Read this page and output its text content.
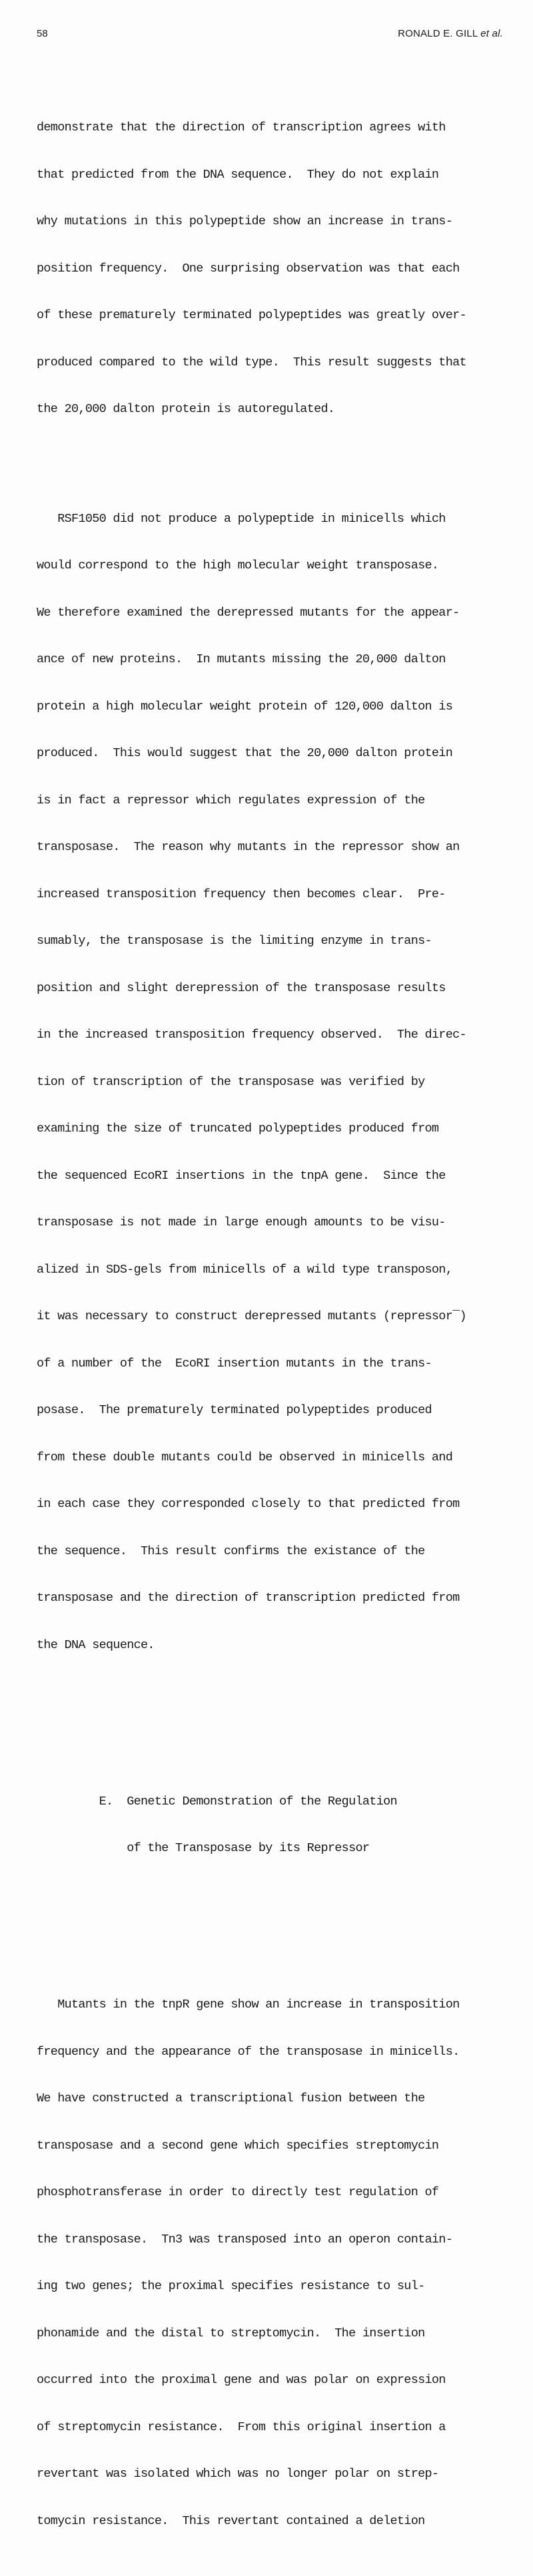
58	RONALD E. GILL et al.

demonstrate that the direction of transcription agrees with

that predicted from the DNA sequence.  They do not explain

why mutations in this polypeptide show an increase in trans-

position frequency.  One surprising observation was that each

of these prematurely terminated polypeptides was greatly over-

produced compared to the wild type.  This result suggests that

the 20,000 dalton protein is autoregulated.

RSF1050 did not produce a polypeptide in minicells which

would correspond to the high molecular weight transposase.

We therefore examined the derepressed mutants for the appear-

ance of new proteins.  In mutants missing the 20,000 dalton

protein a high molecular weight protein of 120,000 dalton is

produced.  This would suggest that the 20,000 dalton protein

is in fact a repressor which regulates expression of the

transposase.  The reason why mutants in the repressor show an

increased transposition frequency then becomes clear.  Pre-

sumably, the transposase is the limiting enzyme in trans-

position and slight derepression of the transposase results

in the increased transposition frequency observed.  The direc-

tion of transcription of the transposase was verified by

examining the size of truncated polypeptides produced from

the sequenced EcoRI insertions in the tnpA gene.  Since the

transposase is not made in large enough amounts to be visu-

alized in SDS-gels from minicells of a wild type transposon,

it was necessary to construct derepressed mutants (repressor‾)

of a number of the  EcoRI insertion mutants in the trans-

posase.  The prematurely terminated polypeptides produced

from these double mutants could be observed in minicells and

in each case they corresponded closely to that predicted from

the sequence.  This result confirms the existance of the

transposase and the direction of transcription predicted from

the DNA sequence.

E.  Genetic Demonstration of the Regulation

of the Transposase by its Repressor

Mutants in the tnpR gene show an increase in transposition

frequency and the appearance of the transposase in minicells.

We have constructed a transcriptional fusion between the

transposase and a second gene which specifies streptomycin

phosphotransferase in order to directly test regulation of

the transposase.  Tn3 was transposed into an operon contain-

ing two genes; the proximal specifies resistance to sul-

phonamide and the distal to streptomycin.  The insertion

occurred into the proximal gene and was polar on expression

of streptomycin resistance.  From this original insertion a

revertant was isolated which was no longer polar on strep-

tomycin resistance.  This revertant contained a deletion
